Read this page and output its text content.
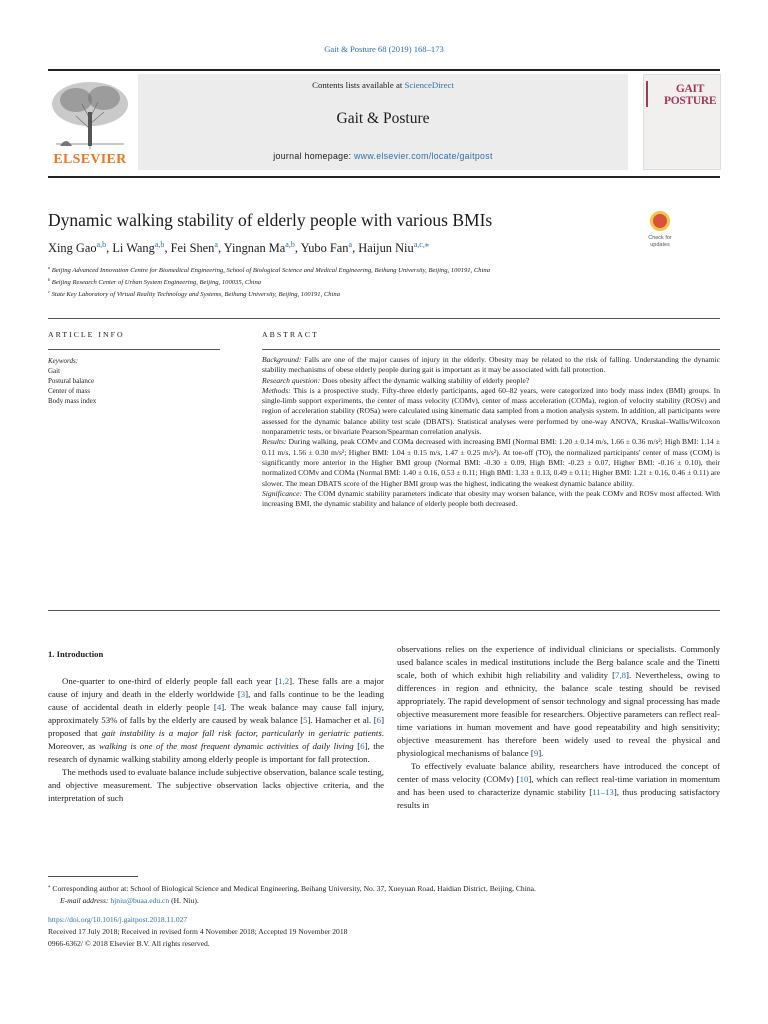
Gait & Posture 68 (2019) 168–173
ELSEVIER
Contents lists available at ScienceDirect
Gait & Posture
journal homepage: www.elsevier.com/locate/gaitpost
GAIT POSTURE
Dynamic walking stability of elderly people with various BMIs
Check for
updates
Xing Gao$^{a,b}$, Li Wang$^{a,b}$, Fei Shen$^a$, Yingnan Ma$^{a,b}$, Yubo Fan$^a$, Haijun Niu$^{a,c,⁎}$
$^a$ Beijing Advanced Innovation Centre for Biomedical Engineering, School of Biological Science and Medical Engineering, Beihang University, Beijing, 100191, China
$^b$ Beijing Research Center of Urban System Engineering, Beijing, 100035, China
$^c$ State Key Laboratory of Virtual Reality Technology and Systems, Beihang University, Beijing, 100191, China
ARTICLE INFO	ABSTRACT
Keywords:
Gait
Postural balance
Center of mass
Body mass index

Background: Falls are one of the major causes of injury in the elderly. Obesity may be related to the risk of falling. Understanding the dynamic stability mechanisms of obese elderly people during gait is important as it may be associated with fall protection.

Research question: Does obesity affect the dynamic walking stability of elderly people?

Methods: This is a prospective study. Fifty-three elderly participants, aged 60–82 years, were categorized into body mass index (BMI) groups. In single-limb support experiments, the center of mass velocity (COMv), center of mass acceleration (COMa), region of velocity stability (ROSv) and region of acceleration stability (ROSa) were calculated using kinematic data sampled from a motion analysis system. In addition, all participants were assessed for the dynamic balance ability test scale (DBATS). Statistical analyses were performed by one-way ANOVA, Kruskal–Wallis/Wilcoxon nonparametric tests, or bivariate Pearson/Spearman correlation analysis.

Results: During walking, peak COMv and COMa decreased with increasing BMI (Normal BMI: 1.20 ± 0.14 m/s, 1.66 ± 0.36 m/s²; High BMI: 1.14 ± 0.11 m/s, 1.56 ± 0.30 m/s²; Higher BMI: 1.04 ± 0.15 m/s, 1.47 ± 0.25 m/s²). At toe-off (TO), the normalized participants' center of mass (COM) is significantly more anterior in the Higher BMI group (Normal BMI: -0.30 ± 0.09, High BMI: -0.23 ± 0.07, Higher BMI: -0.16 ± 0.10), their normalized COMv and COMa (Normal BMI: 1.40 ± 0.16, 0.53 ± 0.11; High BMI: 1.33 ± 0.13, 0.49 ± 0.11; Higher BMI: 1.21 ± 0.16, 0.46 ± 0.11) are slower. The mean DBATS score of the Higher BMI group was the highest, indicating the weakest dynamic balance ability.

Significance: The COM dynamic stability parameters indicate that obesity may worsen balance, with the peak COMv and ROSv most affected. With increasing BMI, the dynamic stability and balance of elderly people both decreased.

1. Introduction

One-quarter to one-third of elderly people fall each year [1,2]. These falls are a major cause of injury and death in the elderly worldwide [3], and falls continue to be the leading cause of accidental death in elderly people [4]. The weak balance may cause fall injury, approximately 53% of falls by the elderly are caused by weak balance [5]. Hamacher et al. [6] proposed that gait instability is a major fall risk factor, particularly in geriatric patients. Moreover, as walking is one of the most frequent dynamic activities of daily living [6], the research of dynamic walking stability among elderly people is important for fall protection.

The methods used to evaluate balance include subjective observation, balance scale testing, and objective measurement. The subjective observation lacks objective criteria, and the interpretation of such

observations relies on the experience of individual clinicians or specialists. Commonly used balance scales in medical institutions include the Berg balance scale and the Tinetti scale, both of which exhibit high reliability and validity [7,8]. Nevertheless, owing to differences in region and ethnicity, the balance scale testing should be revised appropriately. The rapid development of sensor technology and signal processing has made objective measurement more feasible for researchers. Objective parameters can reflect real-time variations in human movement and have good repeatability and high sensitivity; objective measurement has therefore been widely used to reveal the physical and physiological mechanisms of balance [9].

To effectively evaluate balance ability, researchers have introduced the concept of center of mass velocity (COMv) [10], which can reflect real-time variation in momentum and has been used to characterize dynamic stability [11–13], thus producing satisfactory results in

⁎ Corresponding author at: School of Biological Science and Medical Engineering, Beihang University, No. 37, Xueyuan Road, Haidian District, Beijing, China.
E-mail address: hjniu@buaa.edu.cn (H. Niu).
https://doi.org/10.1016/j.gaitpost.2018.11.027
Received 17 July 2018; Received in revised form 4 November 2018; Accepted 19 November 2018
0966-6362/ © 2018 Elsevier B.V. All rights reserved.
